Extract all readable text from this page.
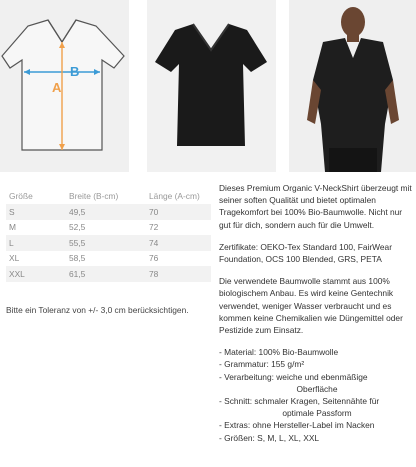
B
A
Größe	Breite (B-cm)	Länge (A-cm)
S	49,5	70
M	52,5	72
L	55,5	74
XL	58,5	76
XXL	61,5	78
Bitte ein Toleranz von +/- 3,0 cm berücksichtigen.

Dieses Premium Organic V-NeckShirt überzeugt mit seiner soften Qualität und bietet optimalen Tragekomfort bei 100% Bio-Baumwolle. Nicht nur gut für dich, sondern auch für die Umwelt.

Zertifikate: OEKO-Tex Standard 100, FairWear Foundation, OCS 100 Blended, GRS, PETA

Die verwendete Baumwolle stammt aus 100% biologischem Anbau. Es wird keine Gentechnik verwendet, weniger Wasser verbraucht und es kommen keine Chemikalien wie Düngemittel oder Pestizide zum Einsatz.

- Material: 100% Bio-Baumwolle
- Grammatur: 155 g/m²
- Verarbeitung: weiche und ebenmäßige
Oberfläche
- Schnitt: schmaler Kragen, Seitennähte für
optimale Passform
- Extras: ohne Hersteller-Label im Nacken
- Größen: S, M, L, XL, XXL
